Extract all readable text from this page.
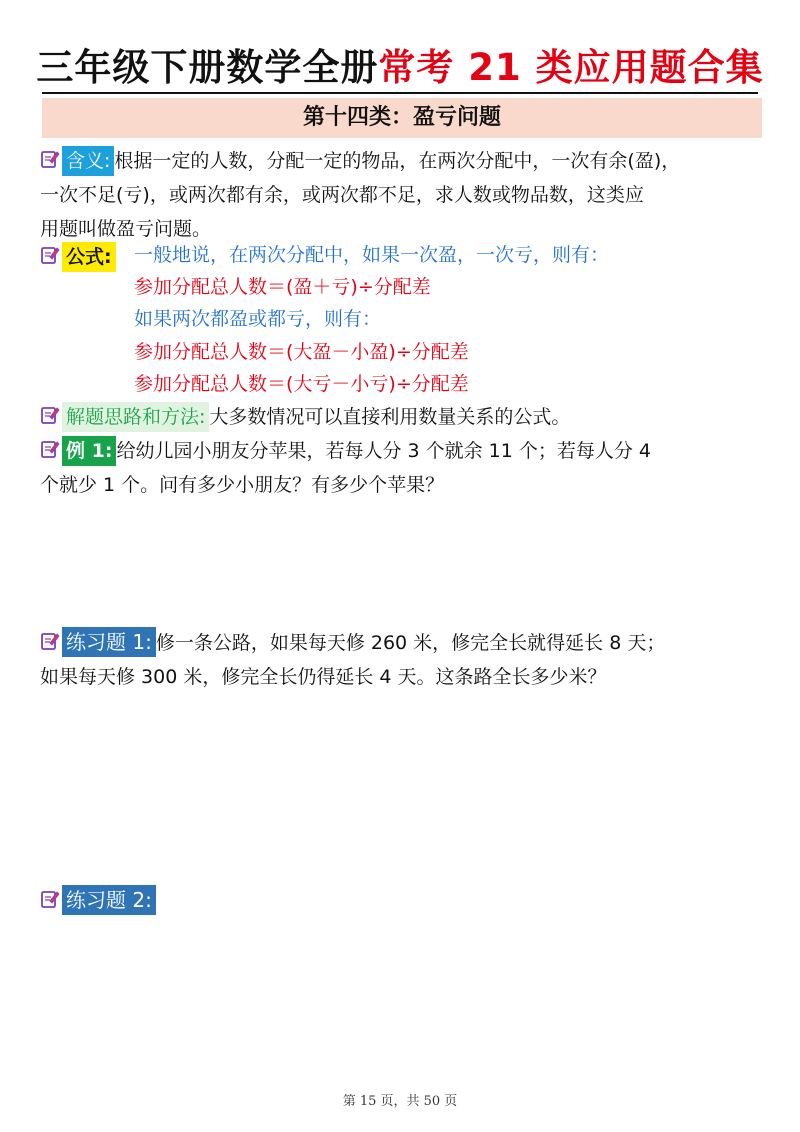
三年级下册数学全册常考 21 类应用题合集
第十四类：盈亏问题
含义: 根据一定的人数，分配一定的物品，在两次分配中，一次有余(盈)，
一次不足(亏)，或两次都有余，或两次都不足，求人数或物品数，这类应
用题叫做盈亏问题。
公式: 一般地说，在两次分配中，如果一次盈，一次亏，则有：
参加分配总人数＝(盈＋亏)÷分配差
如果两次都盈或都亏，则有：
参加分配总人数＝(大盈－小盈)÷分配差
参加分配总人数＝(大亏－小亏)÷分配差
解题思路和方法: 大多数情况可以直接利用数量关系的公式。
例 1: 给幼儿园小朋友分苹果，若每人分 3 个就余 11 个；若每人分 4
个就少 1 个。问有多少小朋友？有多少个苹果？
练习题 1: 修一条公路，如果每天修 260 米，修完全长就得延长 8 天；
如果每天修 300 米，修完全长仍得延长 4 天。这条路全长多少米？
练习题 2:
第 15 页，共 50 页
